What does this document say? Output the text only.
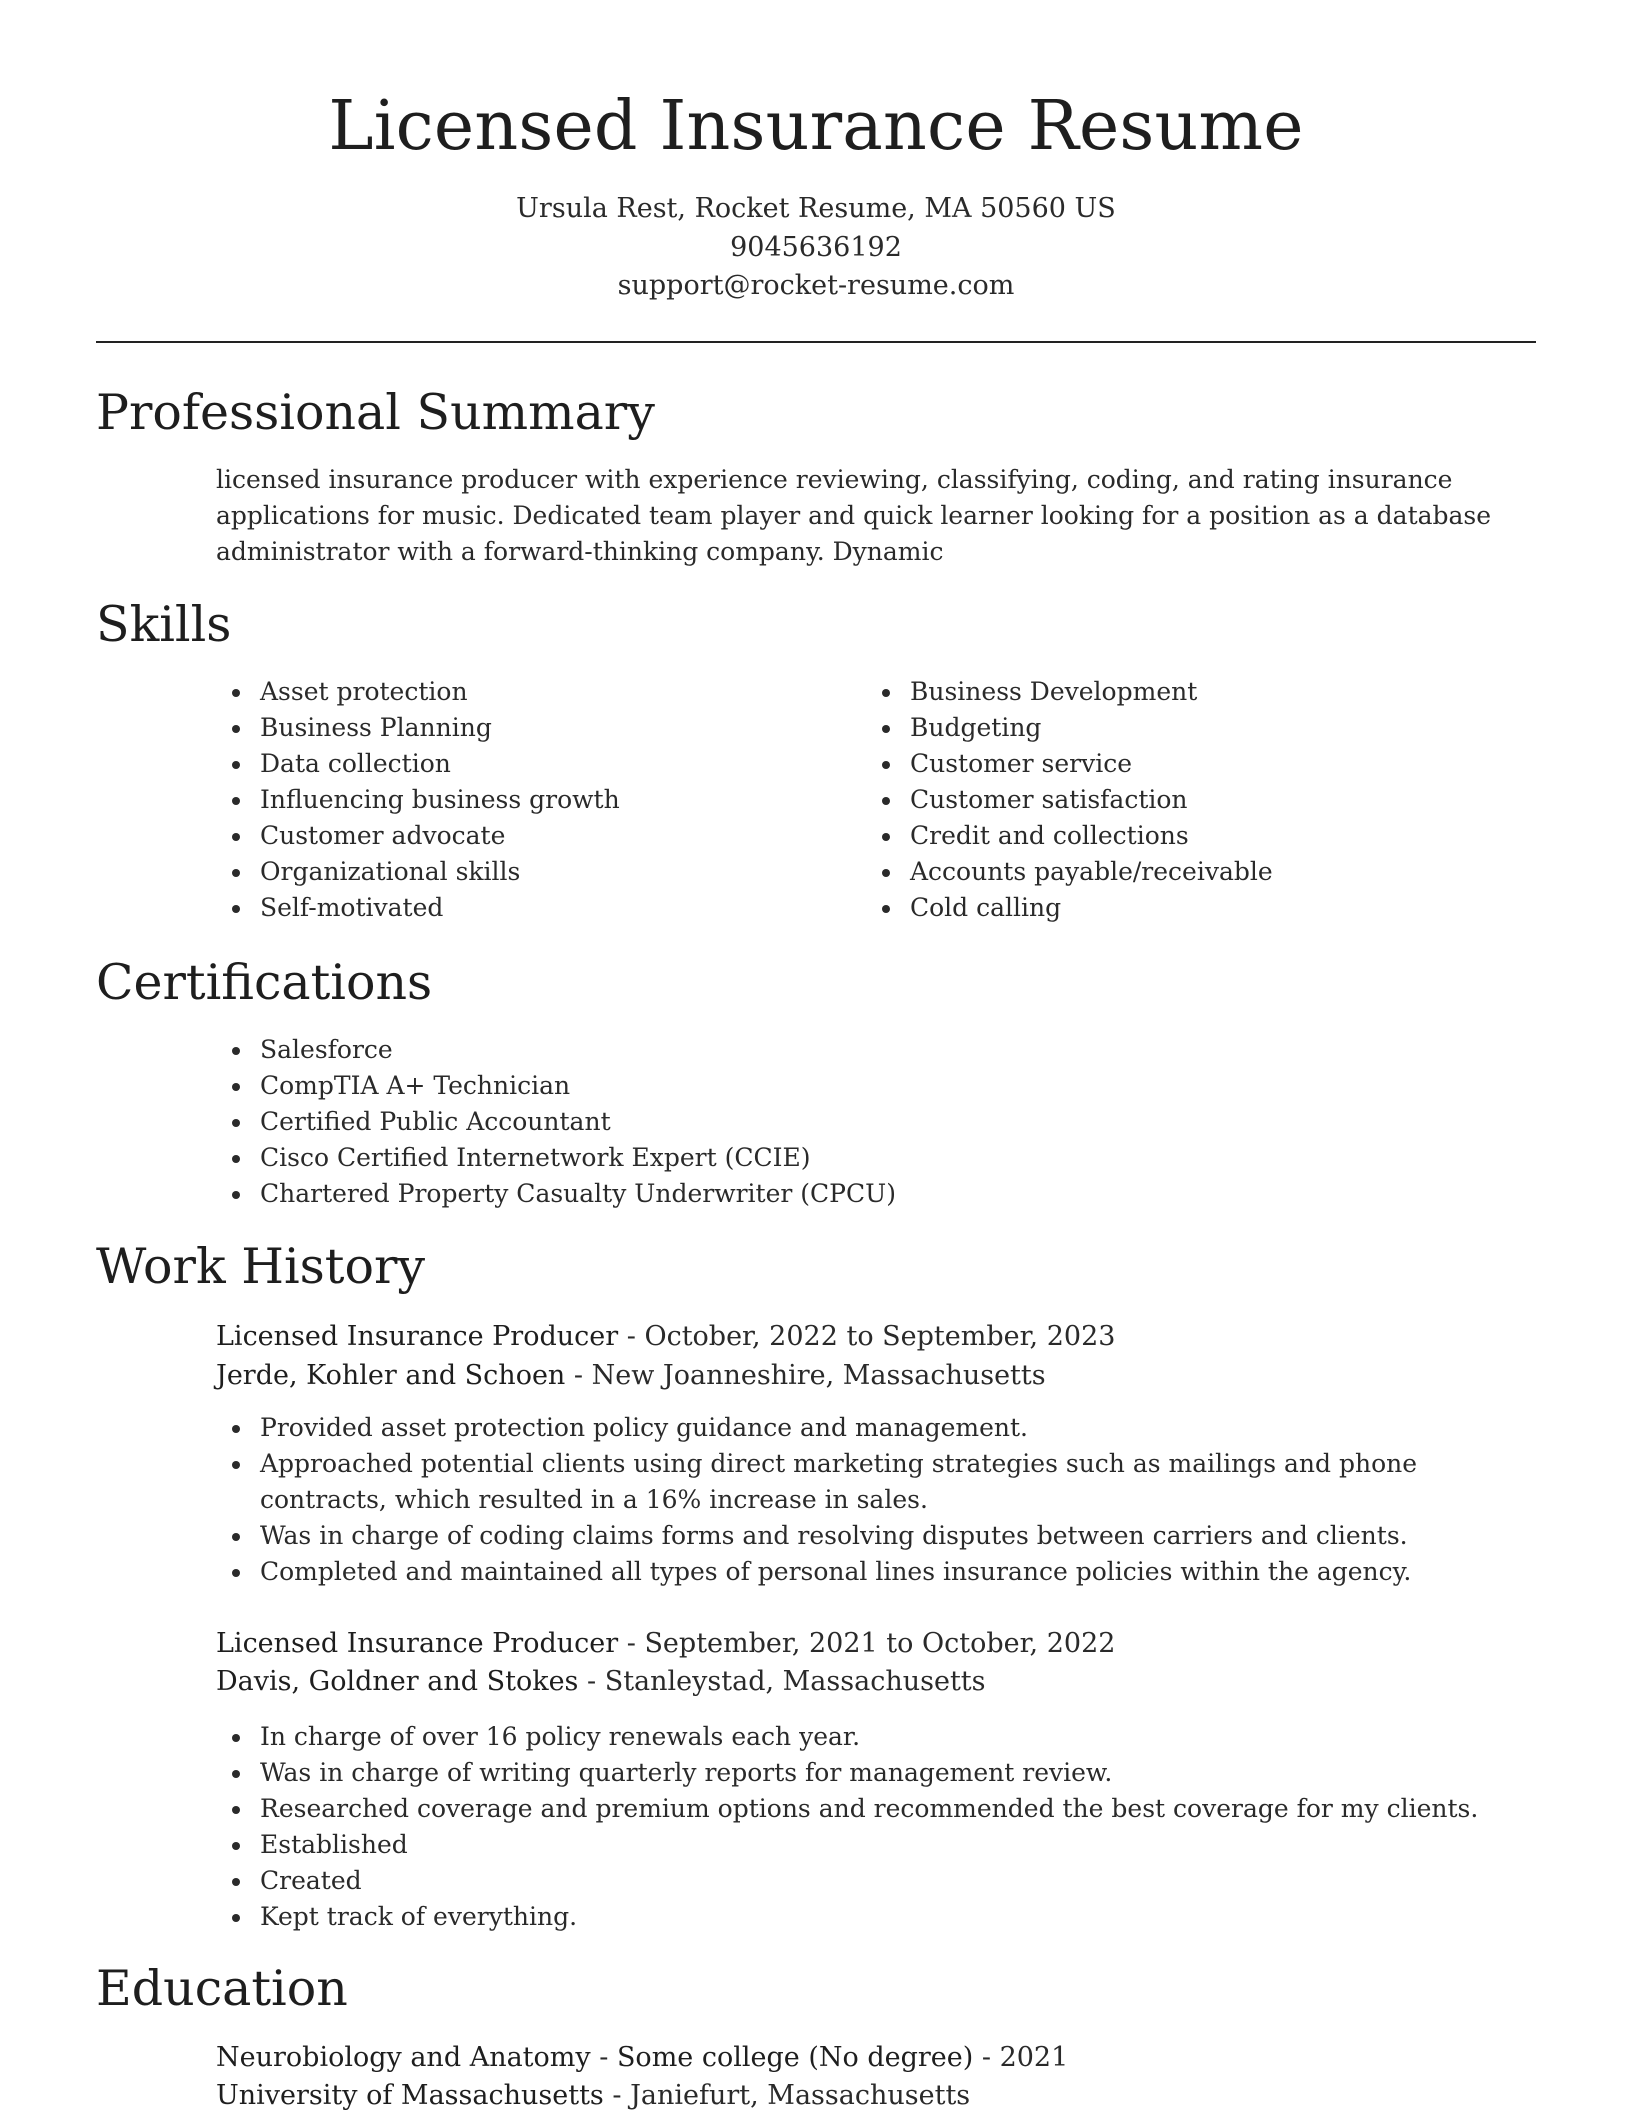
Licensed Insurance Resume
Ursula Rest, Rocket Resume, MA 50560 US
9045636192
support@rocket-resume.com
Professional Summary

licensed insurance producer with experience reviewing, classifying, coding, and rating insurance applications for music. Dedicated team player and quick learner looking for a position as a database administrator with a forward-thinking company. Dynamic

Skills
Asset protection
Business Planning
Data collection
Influencing business growth
Customer advocate
Organizational skills
Self-motivated
Business Development
Budgeting
Customer service
Customer satisfaction
Credit and collections
Accounts payable/receivable
Cold calling
Certifications
Salesforce
CompTIA A+ Technician
Certified Public Accountant
Cisco Certified Internetwork Expert (CCIE)
Chartered Property Casualty Underwriter (CPCU)
Work History
Licensed Insurance Producer - October, 2022 to September, 2023
Jerde, Kohler and Schoen - New Joanneshire, Massachusetts
Provided asset protection policy guidance and management.
Approached potential clients using direct marketing strategies such as mailings and phone contracts, which resulted in a 16% increase in sales.
Was in charge of coding claims forms and resolving disputes between carriers and clients.
Completed and maintained all types of personal lines insurance policies within the agency.
Licensed Insurance Producer - September, 2021 to October, 2022
Davis, Goldner and Stokes - Stanleystad, Massachusetts
In charge of over 16 policy renewals each year.
Was in charge of writing quarterly reports for management review.
Researched coverage and premium options and recommended the best coverage for my clients.
Established
Created
Kept track of everything.
Education
Neurobiology and Anatomy - Some college (No degree) - 2021
University of Massachusetts - Janiefurt, Massachusetts
